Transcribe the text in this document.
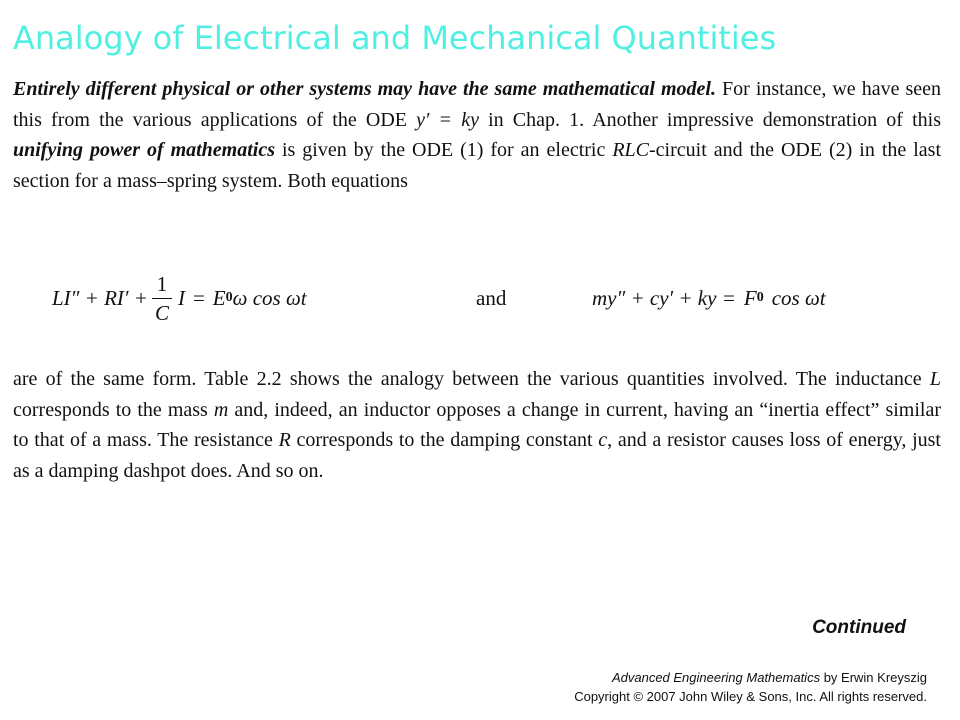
Analogy of Electrical and Mechanical Quantities

Entirely different physical or other systems may have the same mathematical model. For instance, we have seen this from the various applications of the ODE y′ = ky in Chap. 1. Another impressive demonstration of this unifying power of mathematics is given by the ODE (1) for an electric RLC-circuit and the ODE (2) in the last section for a mass–spring system. Both equations

$LI'' + RI' + \frac{1}{C}$ I = E 0 ω cos ωt	and	my″ + cy′ + ky = F 0 cos ωt

are of the same form. Table 2.2 shows the analogy between the various quantities involved. The inductance L corresponds to the mass m and, indeed, an inductor opposes a change in current, having an “inertia effect” similar to that of a mass. The resistance R corresponds to the damping constant c, and a resistor causes loss of energy, just as a damping dashpot does. And so on.

Continued
Advanced Engineering Mathematics by Erwin Kreyszig
Copyright © 2007 John Wiley & Sons, Inc. All rights reserved.
